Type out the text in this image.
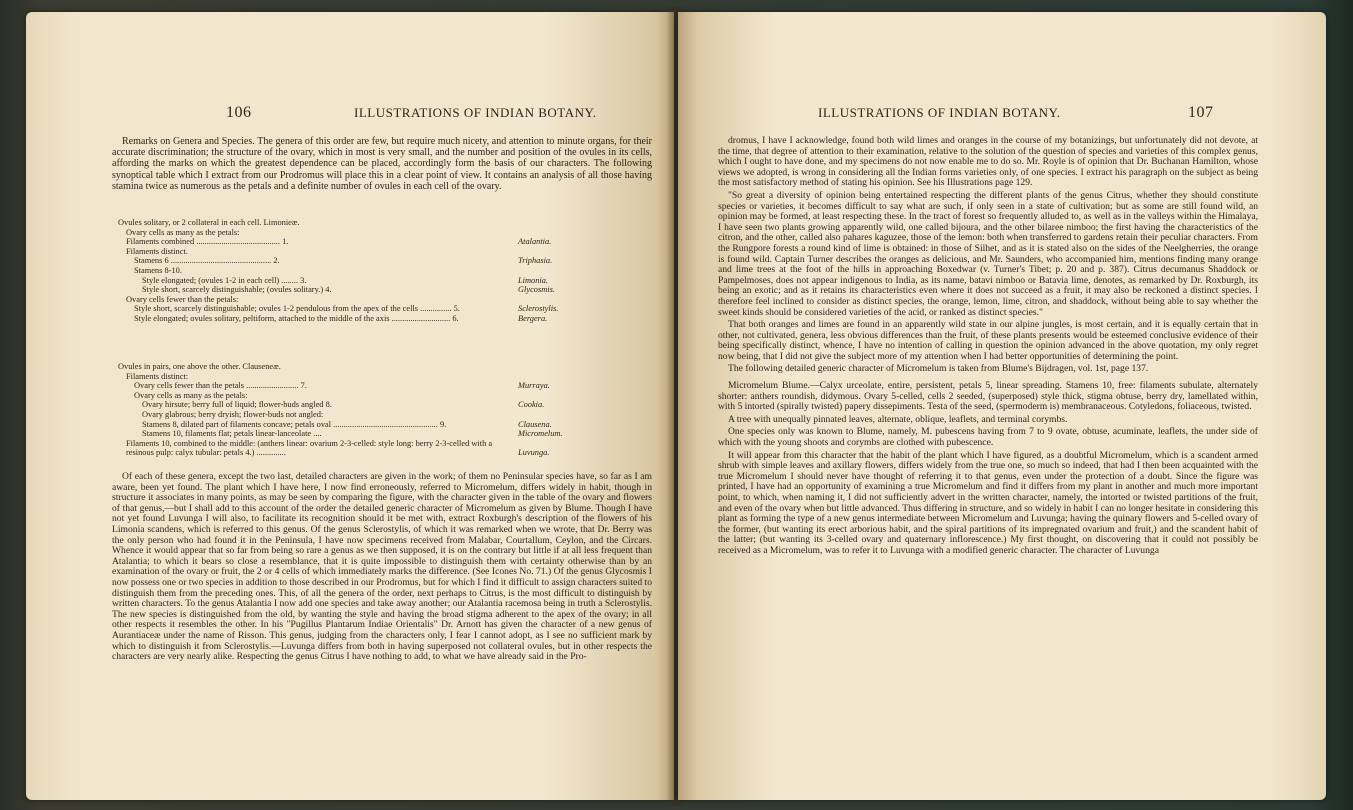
106	ILLUSTRATIONS OF INDIAN BOTANY.

Remarks on Genera and Species. The genera of this order are few, but require much nicety, and attention to minute organs, for their accurate discrimination; the structure of the ovary, which in most is very small, and the number and position of the ovules in its cells, affording the marks on which the greatest dependence can be placed, accordingly form the basis of our characters. The following synoptical table which I extract from our Prodromus will place this in a clear point of view. It contains an analysis of all those having stamina twice as numerous as the petals and a definite number of ovules in each cell of the ovary.

Ovules solitary, or 2 collateral in each cell. Limonieæ.
Ovary cells as many as the petals:
Filaments combined ........................................ 1.	Atalantia.
Filaments distinct.
Stamens 6 ................................................ 2.	Triphasia.
Stamens 8-10.
Style elongated; (ovules 1-2 in each cell) ........ 3.	Limonia.
Style short, scarcely distinguishable; (ovules solitary.) 4.	Glycosmis.
Ovary cells fewer than the petals:
Style short, scarcely distinguishable; ovules 1-2 pendulous from the apex of the cells ............... 5.	Sclerostylis.
Style elongated; ovules solitary, peltiform, attached to the middle of the axis ............................ 6.	Bergera.
Ovules in pairs, one above the other. Clauseneæ.
Filaments distinct:
Ovary cells fewer than the petals ......................... 7.	Murraya.
Ovary cells as many as the petals:
Ovary hirsute; berry full of liquid; flower-buds angled 8.	Cookia.
Ovary glabrous; berry dryish; flower-buds not angled:
Stamens 8, dilated part of filaments concave; petals oval .................................................. 9.	Clausena.
Stamens 10, filaments flat; petals linear-lanceolate ....	Micromelum.
Filaments 10, combined to the middle: (anthers linear: ovarium 2-3-celled: style long: berry 2-3-celled with a resinous pulp: calyx tubular: petals 4.) ..............	Luvunga.

Of each of these genera, except the two last, detailed characters are given in the work; of them no Peninsular species have, so far as I am aware, been yet found. The plant which I have here, I now find erroneously, referred to Micromelum, differs widely in habit, though in structure it associates in many points, as may be seen by comparing the figure, with the character given in the table of the ovary and flowers of that genus,—but I shall add to this account of the order the detailed generic character of Micromelum as given by Blume. Though I have not yet found Luvunga I will also, to facilitate its recognition should it be met with, extract Roxburgh's description of the flowers of his Limonia scandens, which is referred to this genus. Of the genus Sclerostylis, of which it was remarked when we wrote, that Dr. Berry was the only person who had found it in the Peninsula, I have now specimens received from Malabar, Courtallum, Ceylon, and the Circars. Whence it would appear that so far from being so rare a genus as we then supposed, it is on the contrary but little if at all less frequent than Atalantia; to which it bears so close a resemblance, that it is quite impossible to distinguish them with certainty otherwise than by an examination of the ovary or fruit, the 2 or 4 cells of which immediately marks the difference. (See Icones No. 71.) Of the genus Glycosmis I now possess one or two species in addition to those described in our Prodromus, but for which I find it difficult to assign characters suited to distinguish them from the preceding ones. This, of all the genera of the order, next perhaps to Citrus, is the most difficult to distinguish by written characters. To the genus Atalantia I now add one species and take away another; our Atalantia racemosa being in truth a Sclerostylis. The new species is distinguished from the old, by wanting the style and having the broad stigma adherent to the apex of the ovary; in all other respects it resembles the other. In his "Pugillus Plantarum Indiae Orientalis" Dr. Arnott has given the character of a new genus of Aurantiaceæ under the name of Risson. This genus, judging from the characters only, I fear I cannot adopt, as I see no sufficient mark by which to distinguish it from Sclerostylis.—Luvunga differs from both in having superposed not collateral ovules, but in other respects the characters are very nearly alike. Respecting the genus Citrus I have nothing to add, to what we have already said in the Pro-

ILLUSTRATIONS OF INDIAN BOTANY.	107

dromus, I have I acknowledge, found both wild limes and oranges in the course of my botanizings, but unfortunately did not devote, at the time, that degree of attention to their examination, relative to the solution of the question of species and varieties of this complex genus, which I ought to have done, and my specimens do not now enable me to do so. Mr. Royle is of opinion that Dr. Buchanan Hamilton, whose views we adopted, is wrong in considering all the Indian forms varieties only, of one species. I extract his paragraph on the subject as being the most satisfactory method of stating his opinion. See his Illustrations page 129.

"So great a diversity of opinion being entertained respecting the different plants of the genus Citrus, whether they should constitute species or varieties, it becomes difficult to say what are such, if only seen in a state of cultivation; but as some are still found wild, an opinion may be formed, at least respecting these. In the tract of forest so frequently alluded to, as well as in the valleys within the Himalaya, I have seen two plants growing apparently wild, one called bijoura, and the other bilaree nimboo; the first having the characteristics of the citron, and the other, called also pahares kaguzee, those of the lemon: both when transferred to gardens retain their peculiar characters. From the Rungpore forests a round kind of lime is obtained: in those of Silhet, and as it is stated also on the sides of the Neelgherries, the orange is found wild. Captain Turner describes the oranges as delicious, and Mr. Saunders, who accompanied him, mentions finding many orange and lime trees at the foot of the hills in approaching Boxedwar (v. Turner's Tibet; p. 20 and p. 387). Citrus decumanus Shaddock or Pampelmoses, does not appear indigenous to India, as its name, batavi nimboo or Batavia lime, denotes, as remarked by Dr. Roxburgh, its being an exotic; and as it retains its characteristics even where it does not succeed as a fruit, it may also be reckoned a distinct species. I therefore feel inclined to consider as distinct species, the orange, lemon, lime, citron, and shaddock, without being able to say whether the sweet kinds should be considered varieties of the acid, or ranked as distinct species."

That both oranges and limes are found in an apparently wild state in our alpine jungles, is most certain, and it is equally certain that in other, not cultivated, genera, less obvious differences than the fruit, of these plants presents would be esteemed conclusive evidence of their being specifically distinct, whence, I have no intention of calling in question the opinion advanced in the above quotation, my only regret now being, that I did not give the subject more of my attention when I had better opportunities of determining the point.

The following detailed generic character of Micromelum is taken from Blume's Bijdragen, vol. 1st, page 137.

Micromelum Blume.—Calyx urceolate, entire, persistent, petals 5, linear spreading. Stamens 10, free: filaments subulate, alternately shorter: anthers roundish, didymous. Ovary 5-celled, cells 2 seeded, (superposed) style thick, stigma obtuse, berry dry, lamellated within, with 5 intorted (spirally twisted) papery dissepiments. Testa of the seed, (spermoderm is) membranaceous. Cotyledons, foliaceous, twisted.

A tree with unequally pinnated leaves, alternate, oblique, leaflets, and terminal corymbs.

One species only was known to Blume, namely, M. pubescens having from 7 to 9 ovate, obtuse, acuminate, leaflets, the under side of which with the young shoots and corymbs are clothed with pubescence.

It will appear from this character that the habit of the plant which I have figured, as a doubtful Micromelum, which is a scandent armed shrub with simple leaves and axillary flowers, differs widely from the true one, so much so indeed, that had I then been acquainted with the true Micromelum I should never have thought of referring it to that genus, even under the protection of a doubt. Since the figure was printed, I have had an opportunity of examining a true Micromelum and find it differs from my plant in another and much more important point, to which, when naming it, I did not sufficiently advert in the written character, namely, the intorted or twisted partitions of the fruit, and even of the ovary when but little advanced. Thus differing in structure, and so widely in habit I can no longer hesitate in considering this plant as forming the type of a new genus intermediate between Micromelum and Luvunga; having the quinary flowers and 5-celled ovary of the former, (but wanting its erect arborious habit, and the spiral partitions of its impregnated ovarium and fruit,) and the scandent habit of the latter; (but wanting its 3-celled ovary and quaternary inflorescence.) My first thought, on discovering that it could not possibly be received as a Micromelum, was to refer it to Luvunga with a modified generic character. The character of Luvunga
